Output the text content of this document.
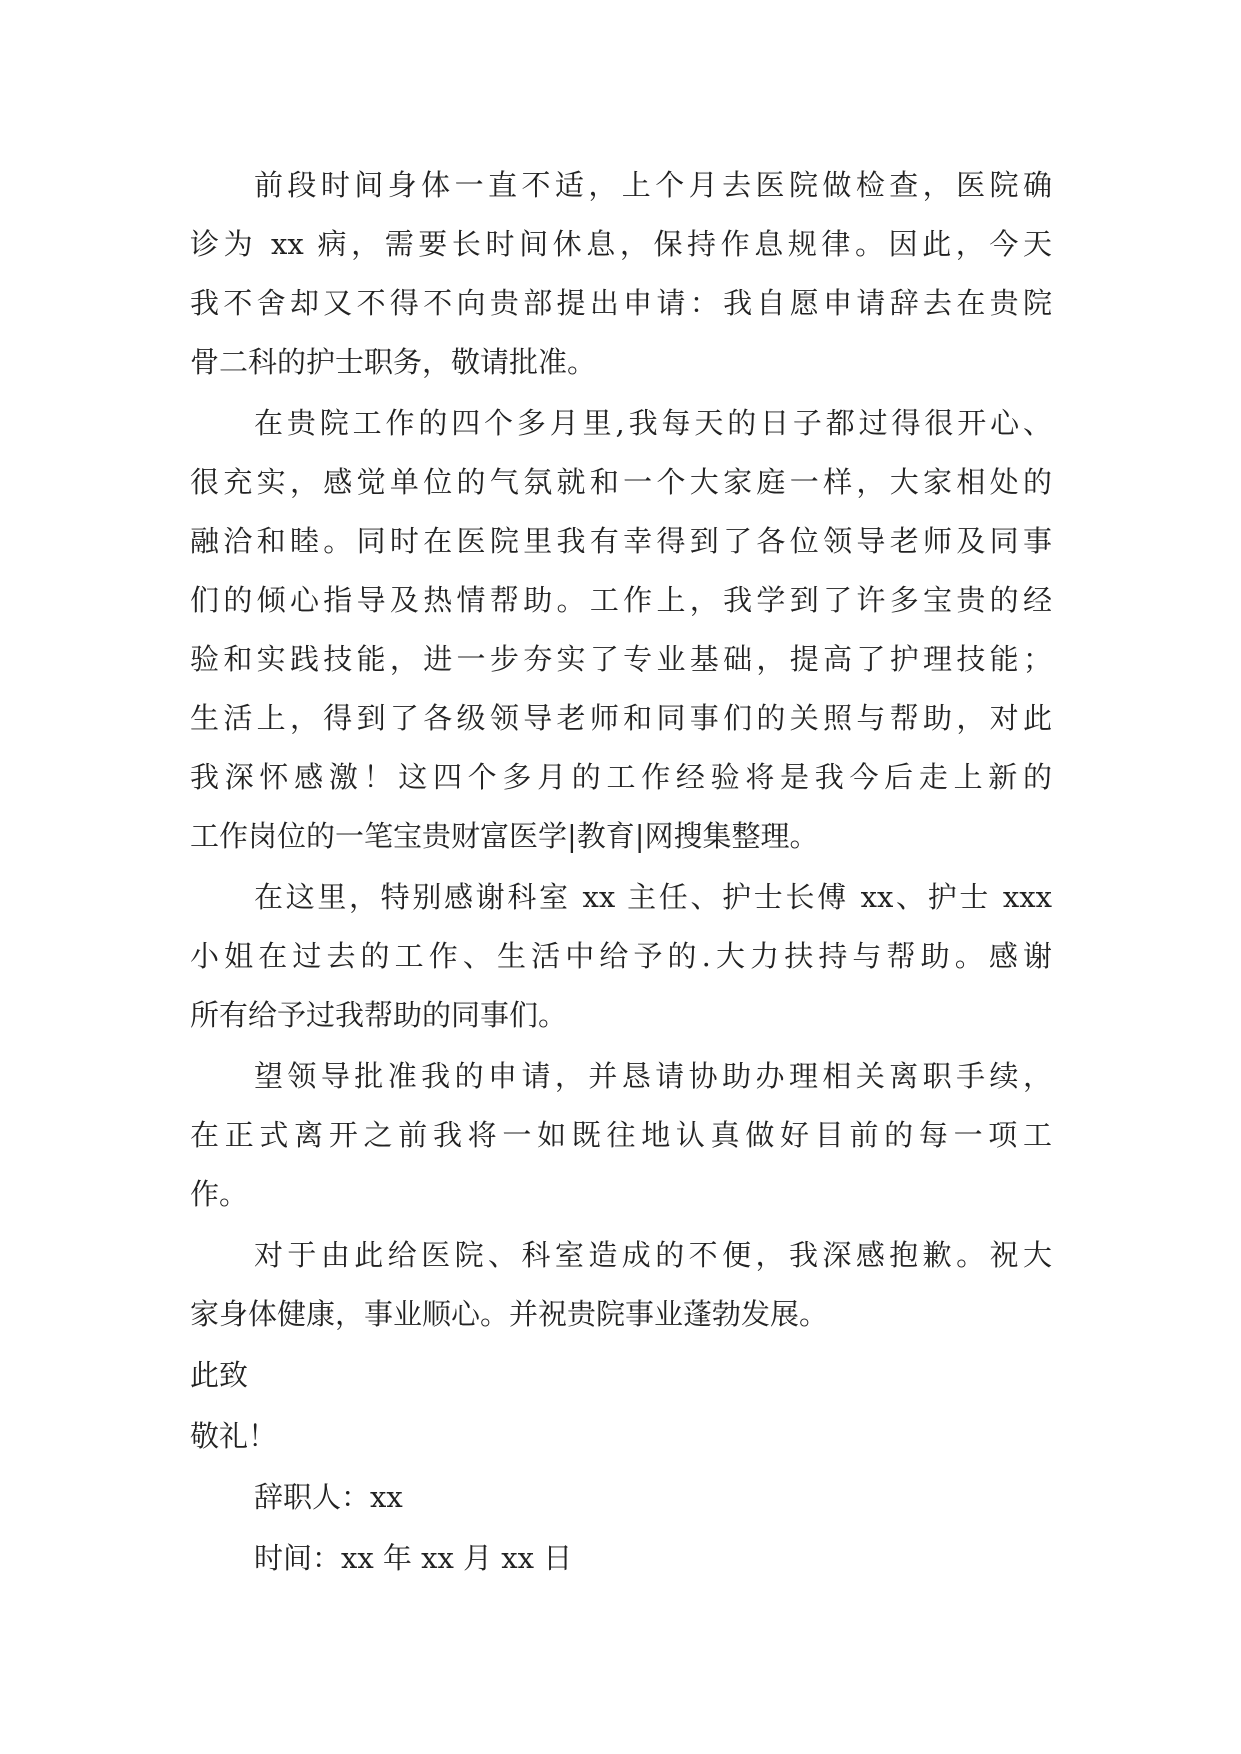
前段时间身体一直不适，上个月去医院做检查，医院确
诊为 xx 病，需要长时间休息，保持作息规律。因此，今天
我不舍却又不得不向贵部提出申请：我自愿申请辞去在贵院
骨二科的护士职务，敬请批准。
在贵院工作的四个多月里,我每天的日子都过得很开心、
很充实，感觉单位的气氛就和一个大家庭一样，大家相处的
融洽和睦。同时在医院里我有幸得到了各位领导老师及同事
们的倾心指导及热情帮助。工作上，我学到了许多宝贵的经
验和实践技能，进一步夯实了专业基础，提高了护理技能；
生活上，得到了各级领导老师和同事们的关照与帮助，对此
我深怀感激！这四个多月的工作经验将是我今后走上新的
工作岗位的一笔宝贵财富医学|教育|网搜集整理。
在这里，特别感谢科室 xx 主任、护士长傅 xx、护士 xxx
小姐在过去的工作、生活中给予的.大力扶持与帮助。感谢
所有给予过我帮助的同事们。
望领导批准我的申请，并恳请协助办理相关离职手续，
在正式离开之前我将一如既往地认真做好目前的每一项工
作。
对于由此给医院、科室造成的不便，我深感抱歉。祝大
家身体健康，事业顺心。并祝贵院事业蓬勃发展。
此致
敬礼！
辞职人：xx
时间：xx 年 xx 月 xx 日
